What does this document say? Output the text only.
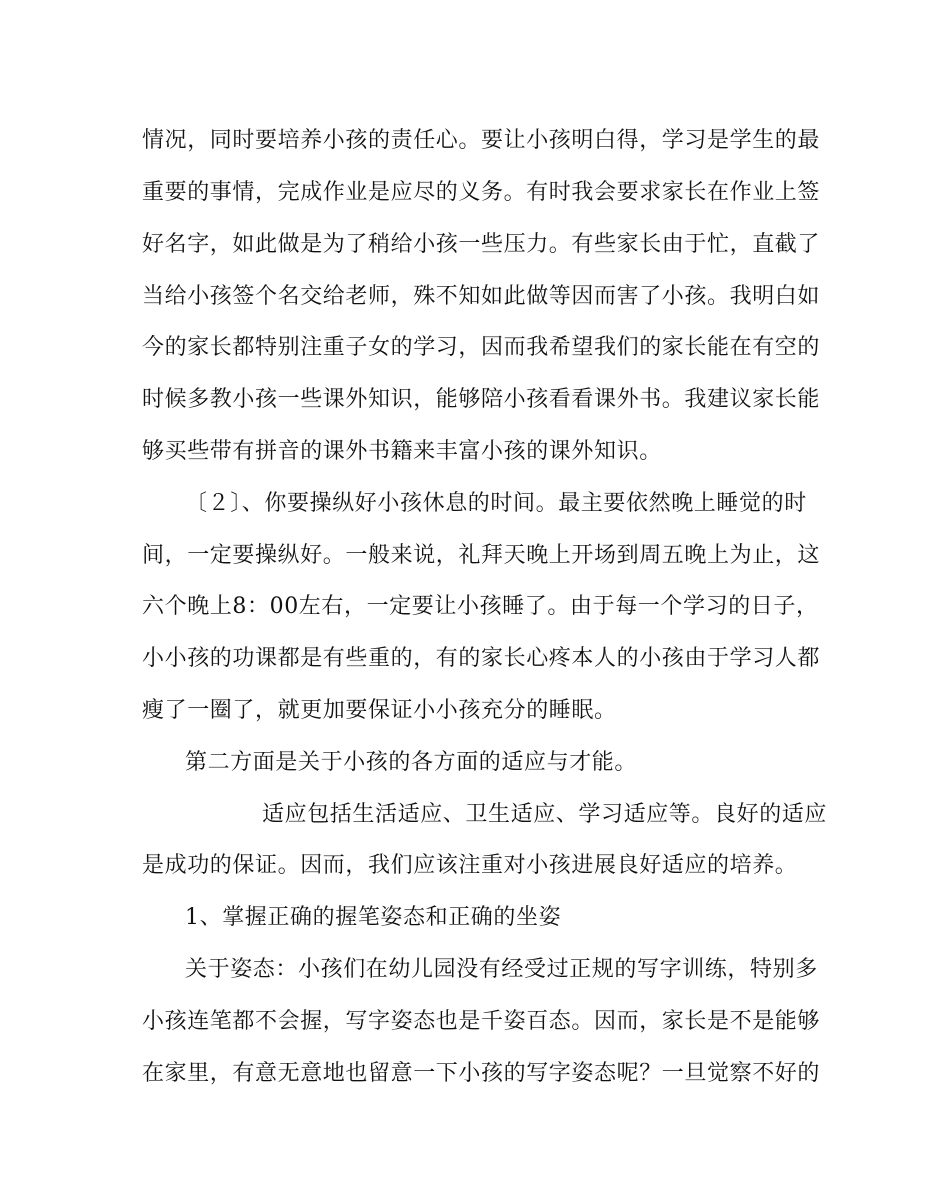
情况，同时要培养小孩的责任心。要让小孩明白得，学习是学生的最
重要的事情，完成作业是应尽的义务。有时我会要求家长在作业上签
好名字，如此做是为了稍给小孩一些压力。有些家长由于忙，直截了
当给小孩签个名交给老师，殊不知如此做等因而害了小孩。我明白如
今的家长都特别注重子女的学习，因而我希望我们的家长能在有空的
时候多教小孩一些课外知识，能够陪小孩看看课外书。我建议家长能
够买些带有拼音的课外书籍来丰富小孩的课外知识。
〔２〕、你要操纵好小孩休息的时间。最主要依然晚上睡觉的时
间，一定要操纵好。一般来说，礼拜天晚上开场到周五晚上为止，这
六个晚上8：00左右，一定要让小孩睡了。由于每一个学习的日子，
小小孩的功课都是有些重的，有的家长心疼本人的小孩由于学习人都
瘦了一圈了，就更加要保证小小孩充分的睡眠。
第二方面是关于小孩的各方面的适应与才能。
适应包括生活适应、卫生适应、学习适应等。良好的适应
是成功的保证。因而，我们应该注重对小孩进展良好适应的培养。
1、掌握正确的握笔姿态和正确的坐姿
关于姿态：小孩们在幼儿园没有经受过正规的写字训练，特别多
小孩连笔都不会握，写字姿态也是千姿百态。因而，家长是不是能够
在家里，有意无意地也留意一下小孩的写字姿态呢？一旦觉察不好的
